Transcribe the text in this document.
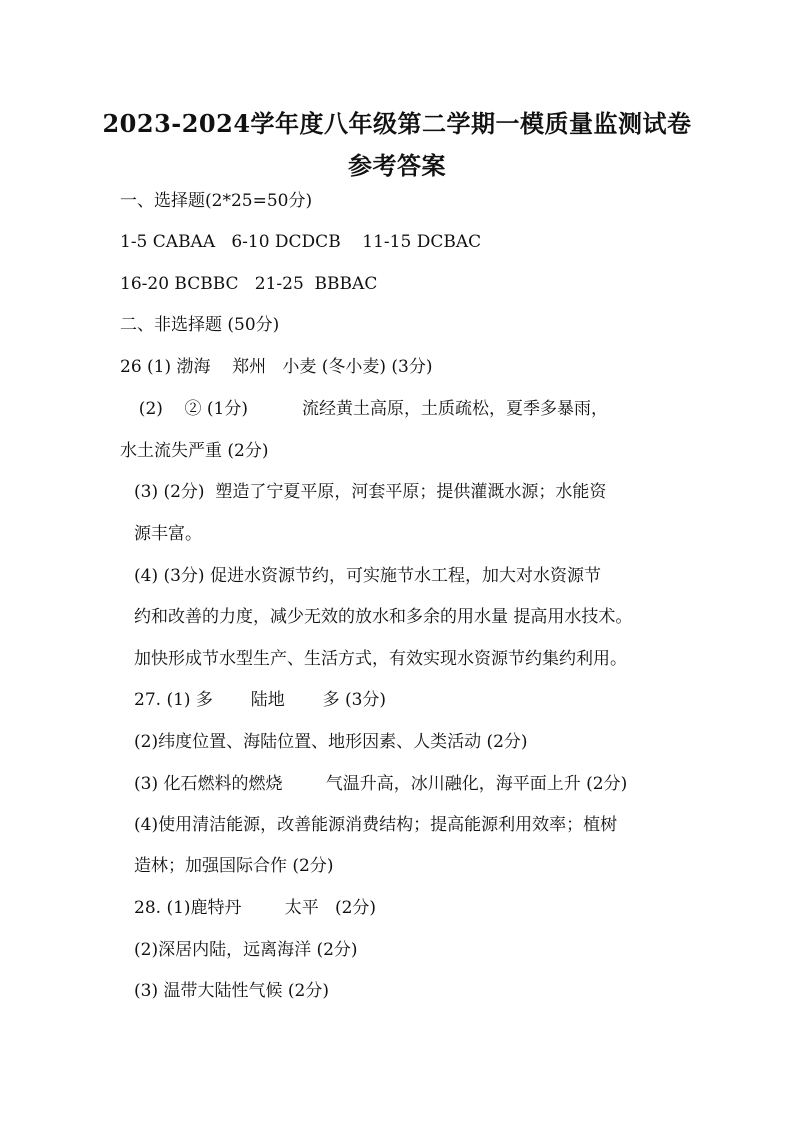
2023-2024学年度八年级第二学期一模质量监测试卷
参考答案
一、选择题(2*25=50分)
1-5 CABAA   6-10 DCDCB    11-15 DCBAC
16-20 BCBBC   21-25  BBBAC
二、非选择题 (50分)
26 (1) 渤海    郑州   小麦 (冬小麦) (3分)
(2)    ② (1分)          流经黄土高原，土质疏松，夏季多暴雨，
水土流失严重 (2分)
(3) (2分)  塑造了宁夏平原，河套平原；提供灌溉水源；水能资
源丰富。
(4) (3分) 促进水资源节约，可实施节水工程，加大对水资源节
约和改善的力度，减少无效的放水和多余的用水量 提高用水技术。
加快形成节水型生产、生活方式，有效实现水资源节约集约利用。
27. (1) 多       陆地       多 (3分)
(2)纬度位置、海陆位置、地形因素、人类活动 (2分)
(3) 化石燃料的燃烧        气温升高，冰川融化，海平面上升 (2分)
(4)使用清洁能源，改善能源消费结构；提高能源利用效率；植树
造林；加强国际合作 (2分)
28. (1)鹿特丹        太平   (2分)
(2)深居内陆，远离海洋 (2分)
(3) 温带大陆性气候 (2分)
